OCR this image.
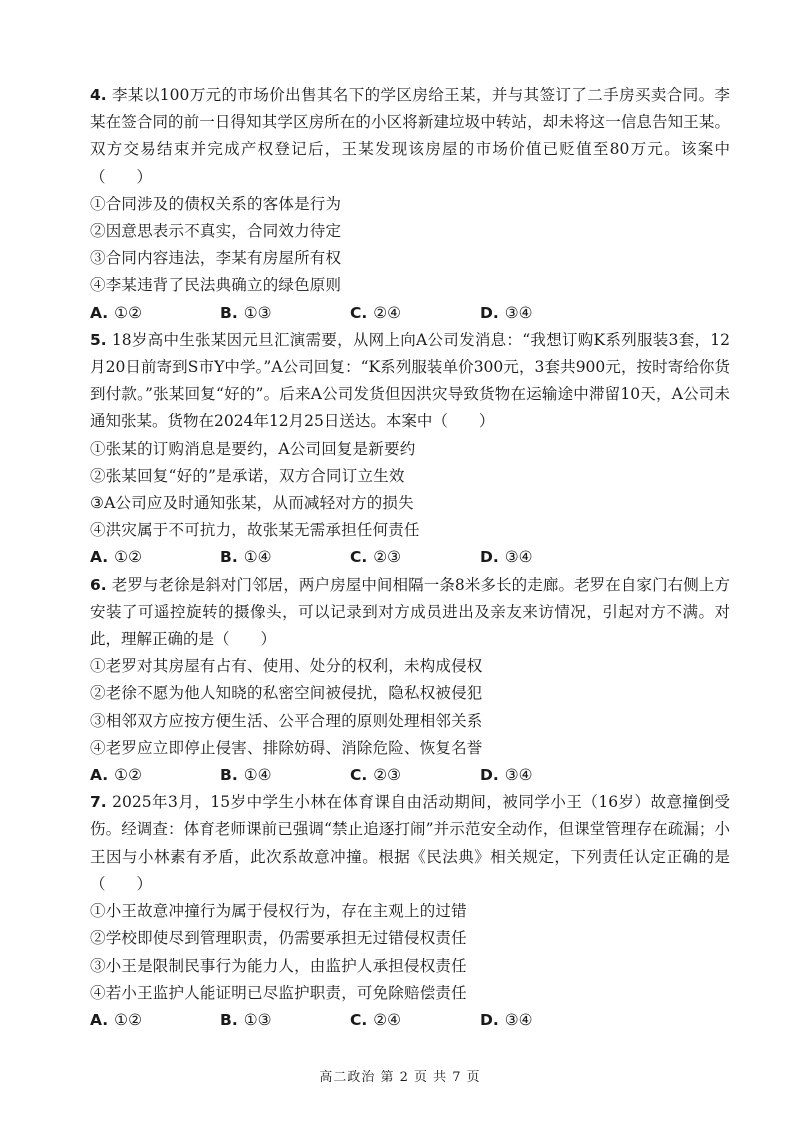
4. 李某以100万元的市场价出售其名下的学区房给王某，并与其签订了二手房买卖合同。李某在签合同的前一日得知其学区房所在的小区将新建垃圾中转站，却未将这一信息告知王某。双方交易结束并完成产权登记后，王某发现该房屋的市场价值已贬值至80万元。该案中（　　）
①合同涉及的债权关系的客体是行为
②因意思表示不真实，合同效力待定
③合同内容违法，李某有房屋所有权
④李某违背了民法典确立的绿色原则
A. ①②	B. ①③	C. ②④	D. ③④
5. 18岁高中生张某因元旦汇演需要，从网上向A公司发消息：“我想订购K系列服装3套，12月20日前寄到S市Y中学。”A公司回复：“K系列服装单价300元，3套共900元，按时寄给你货到付款。”张某回复“好的”。后来A公司发货但因洪灾导致货物在运输途中滞留10天，A公司未通知张某。货物在2024年12月25日送达。本案中（　　）
①张某的订购消息是要约，A公司回复是新要约
②张某回复“好的”是承诺，双方合同订立生效
③A公司应及时通知张某，从而减轻对方的损失
④洪灾属于不可抗力，故张某无需承担任何责任
A. ①②	B. ①④	C. ②③	D. ③④
6. 老罗与老徐是斜对门邻居，两户房屋中间相隔一条8米多长的走廊。老罗在自家门右侧上方安装了可遥控旋转的摄像头，可以记录到对方成员进出及亲友来访情况，引起对方不满。对此，理解正确的是（　　）
①老罗对其房屋有占有、使用、处分的权利，未构成侵权
②老徐不愿为他人知晓的私密空间被侵扰，隐私权被侵犯
③相邻双方应按方便生活、公平合理的原则处理相邻关系
④老罗应立即停止侵害、排除妨碍、消除危险、恢复名誉
A. ①②	B. ①④	C. ②③	D. ③④
7. 2025年3月，15岁中学生小林在体育课自由活动期间，被同学小王（16岁）故意撞倒受伤。经调查：体育老师课前已强调“禁止追逐打闹”并示范安全动作，但课堂管理存在疏漏；小王因与小林素有矛盾，此次系故意冲撞。根据《民法典》相关规定，下列责任认定正确的是（　　）
①小王故意冲撞行为属于侵权行为，存在主观上的过错
②学校即使尽到管理职责，仍需要承担无过错侵权责任
③小王是限制民事行为能力人，由监护人承担侵权责任
④若小王监护人能证明已尽监护职责，可免除赔偿责任
A. ①②	B. ①③	C. ②④	D. ③④
高二政治 第 2 页 共 7 页
